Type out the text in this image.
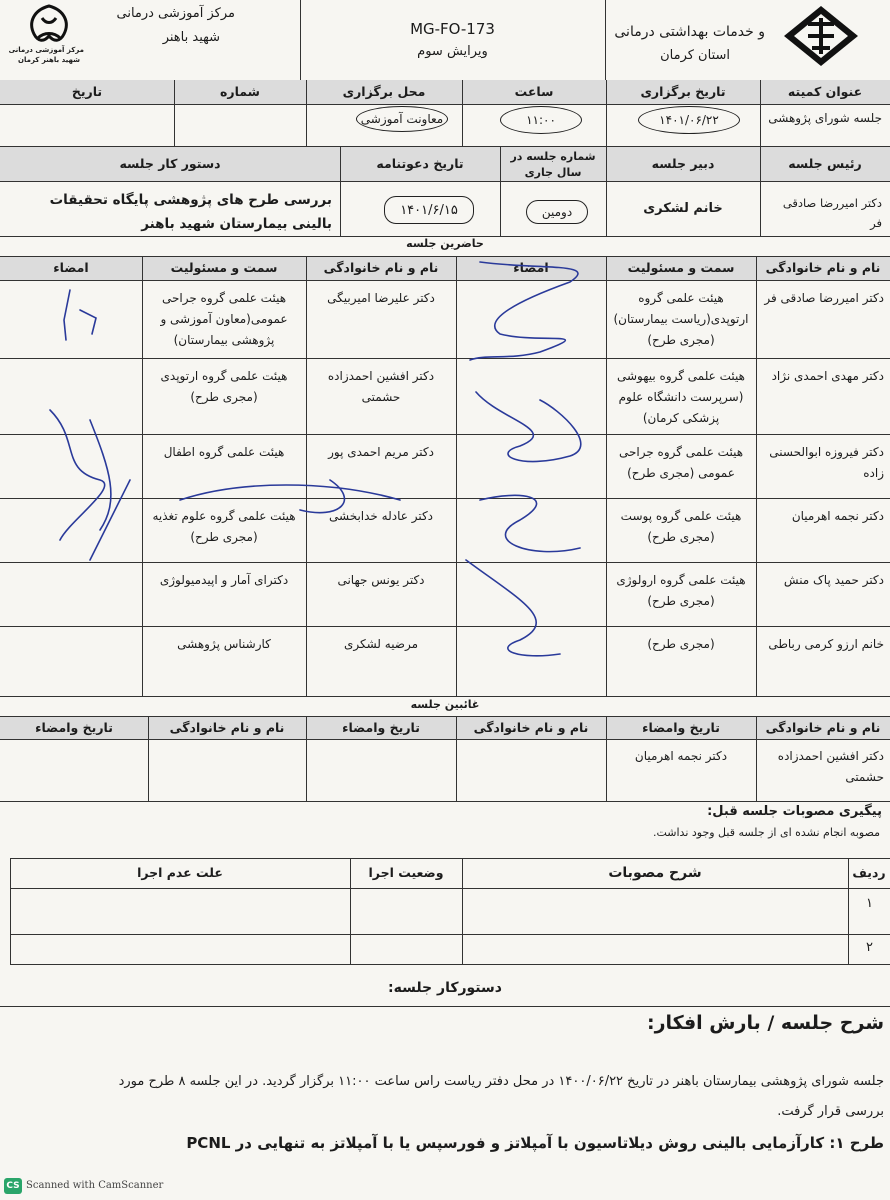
مرکز آموزشی درمانی
شهید باهنر کرمان
مرکز آموزشی درمانی
شهید باهنر	MG-FO-173
ویرایش سوم
و خدمات بهداشتی درمانی
استان کرمان
عنوان کمیته
تاریخ برگزاری
ساعت
محل برگزاری
شماره
تاریخ
جلسه شورای پژوهشی
۱۴۰۱/۰۶/۲۲
۱۱:۰۰
معاونت آموزشی
رئیس جلسه
دبیر جلسه
شماره جلسه در سال جاری
تاریخ دعوتنامه
دستور کار جلسه
دکتر امیررضا صادقی فر
خانم لشکری
دومین
۱۴۰۱/۶/۱۵
بررسی طرح های پژوهشی پایگاه تحقیقات بالینی بیمارستان شهید باهنر
حاضرین جلسه
نام و نام خانوادگی
سمت و مسئولیت
امضاء
نام و نام خانوادگی
سمت و مسئولیت
امضاء
دکتر امیررضا صادقی فر
هیئت علمی گروه ارتوپدی(ریاست بیمارستان) (مجری طرح)
دکتر علیرضا امیربیگی
هیئت علمی گروه جراحی عمومی(معاون آموزشی و پژوهشی بیمارستان)
دکتر مهدی احمدی نژاد
هیئت علمی گروه بیهوشی (سرپرست دانشگاه علوم پزشکی کرمان)
دکتر افشین احمدزاده حشمتی
هیئت علمی گروه ارتوپدی (مجری طرح)
دکتر فیروزه ابوالحسنی زاده
هیئت علمی گروه جراحی عمومی (مجری طرح)
دکتر مریم احمدی پور
هیئت علمی گروه اطفال
دکتر نجمه اهرمیان
هیئت علمی گروه پوست (مجری طرح)
دکتر عادله خدابخشی
هیئت علمی گروه علوم تغذیه (مجری طرح)
دکتر حمید پاک منش
هیئت علمی گروه ارولوژی (مجری طرح)
دکتر یونس جهانی
دکترای آمار و اپیدمیولوژی
خانم ارزو کرمی رباطی
(مجری طرح)
مرضیه لشکری
کارشناس پژوهشی
غائبین جلسه
نام و نام خانوادگی
تاریخ وامضاء
نام و نام خانوادگی
تاریخ وامضاء
نام و نام خانوادگی
تاریخ وامضاء
دکتر افشین احمدزاده حشمتی
دکتر نجمه اهرمیان
پیگیری مصوبات جلسه قبل:
مصوبه انجام نشده ای از جلسه قبل وجود نداشت.
ردیف
شرح مصوبات
وضعیت اجرا
علت عدم اجرا
۱
۲
دستورکار جلسه:
شرح جلسه / بارش افکار:
جلسه شورای پژوهشی بیمارستان باهنر در تاریخ ۱۴۰۰/۰۶/۲۲ در محل دفتر ریاست راس ساعت ۱۱:۰۰ برگزار گردید. در این جلسه ۸ طرح مورد
بررسی قرار گرفت.
طرح ۱: کارآزمایی بالینی روش دیلاتاسیون با آمپلاتز و فورسپس یا با آمپلاتز به تنهایی در PCNL
CS Scanned with CamScanner
